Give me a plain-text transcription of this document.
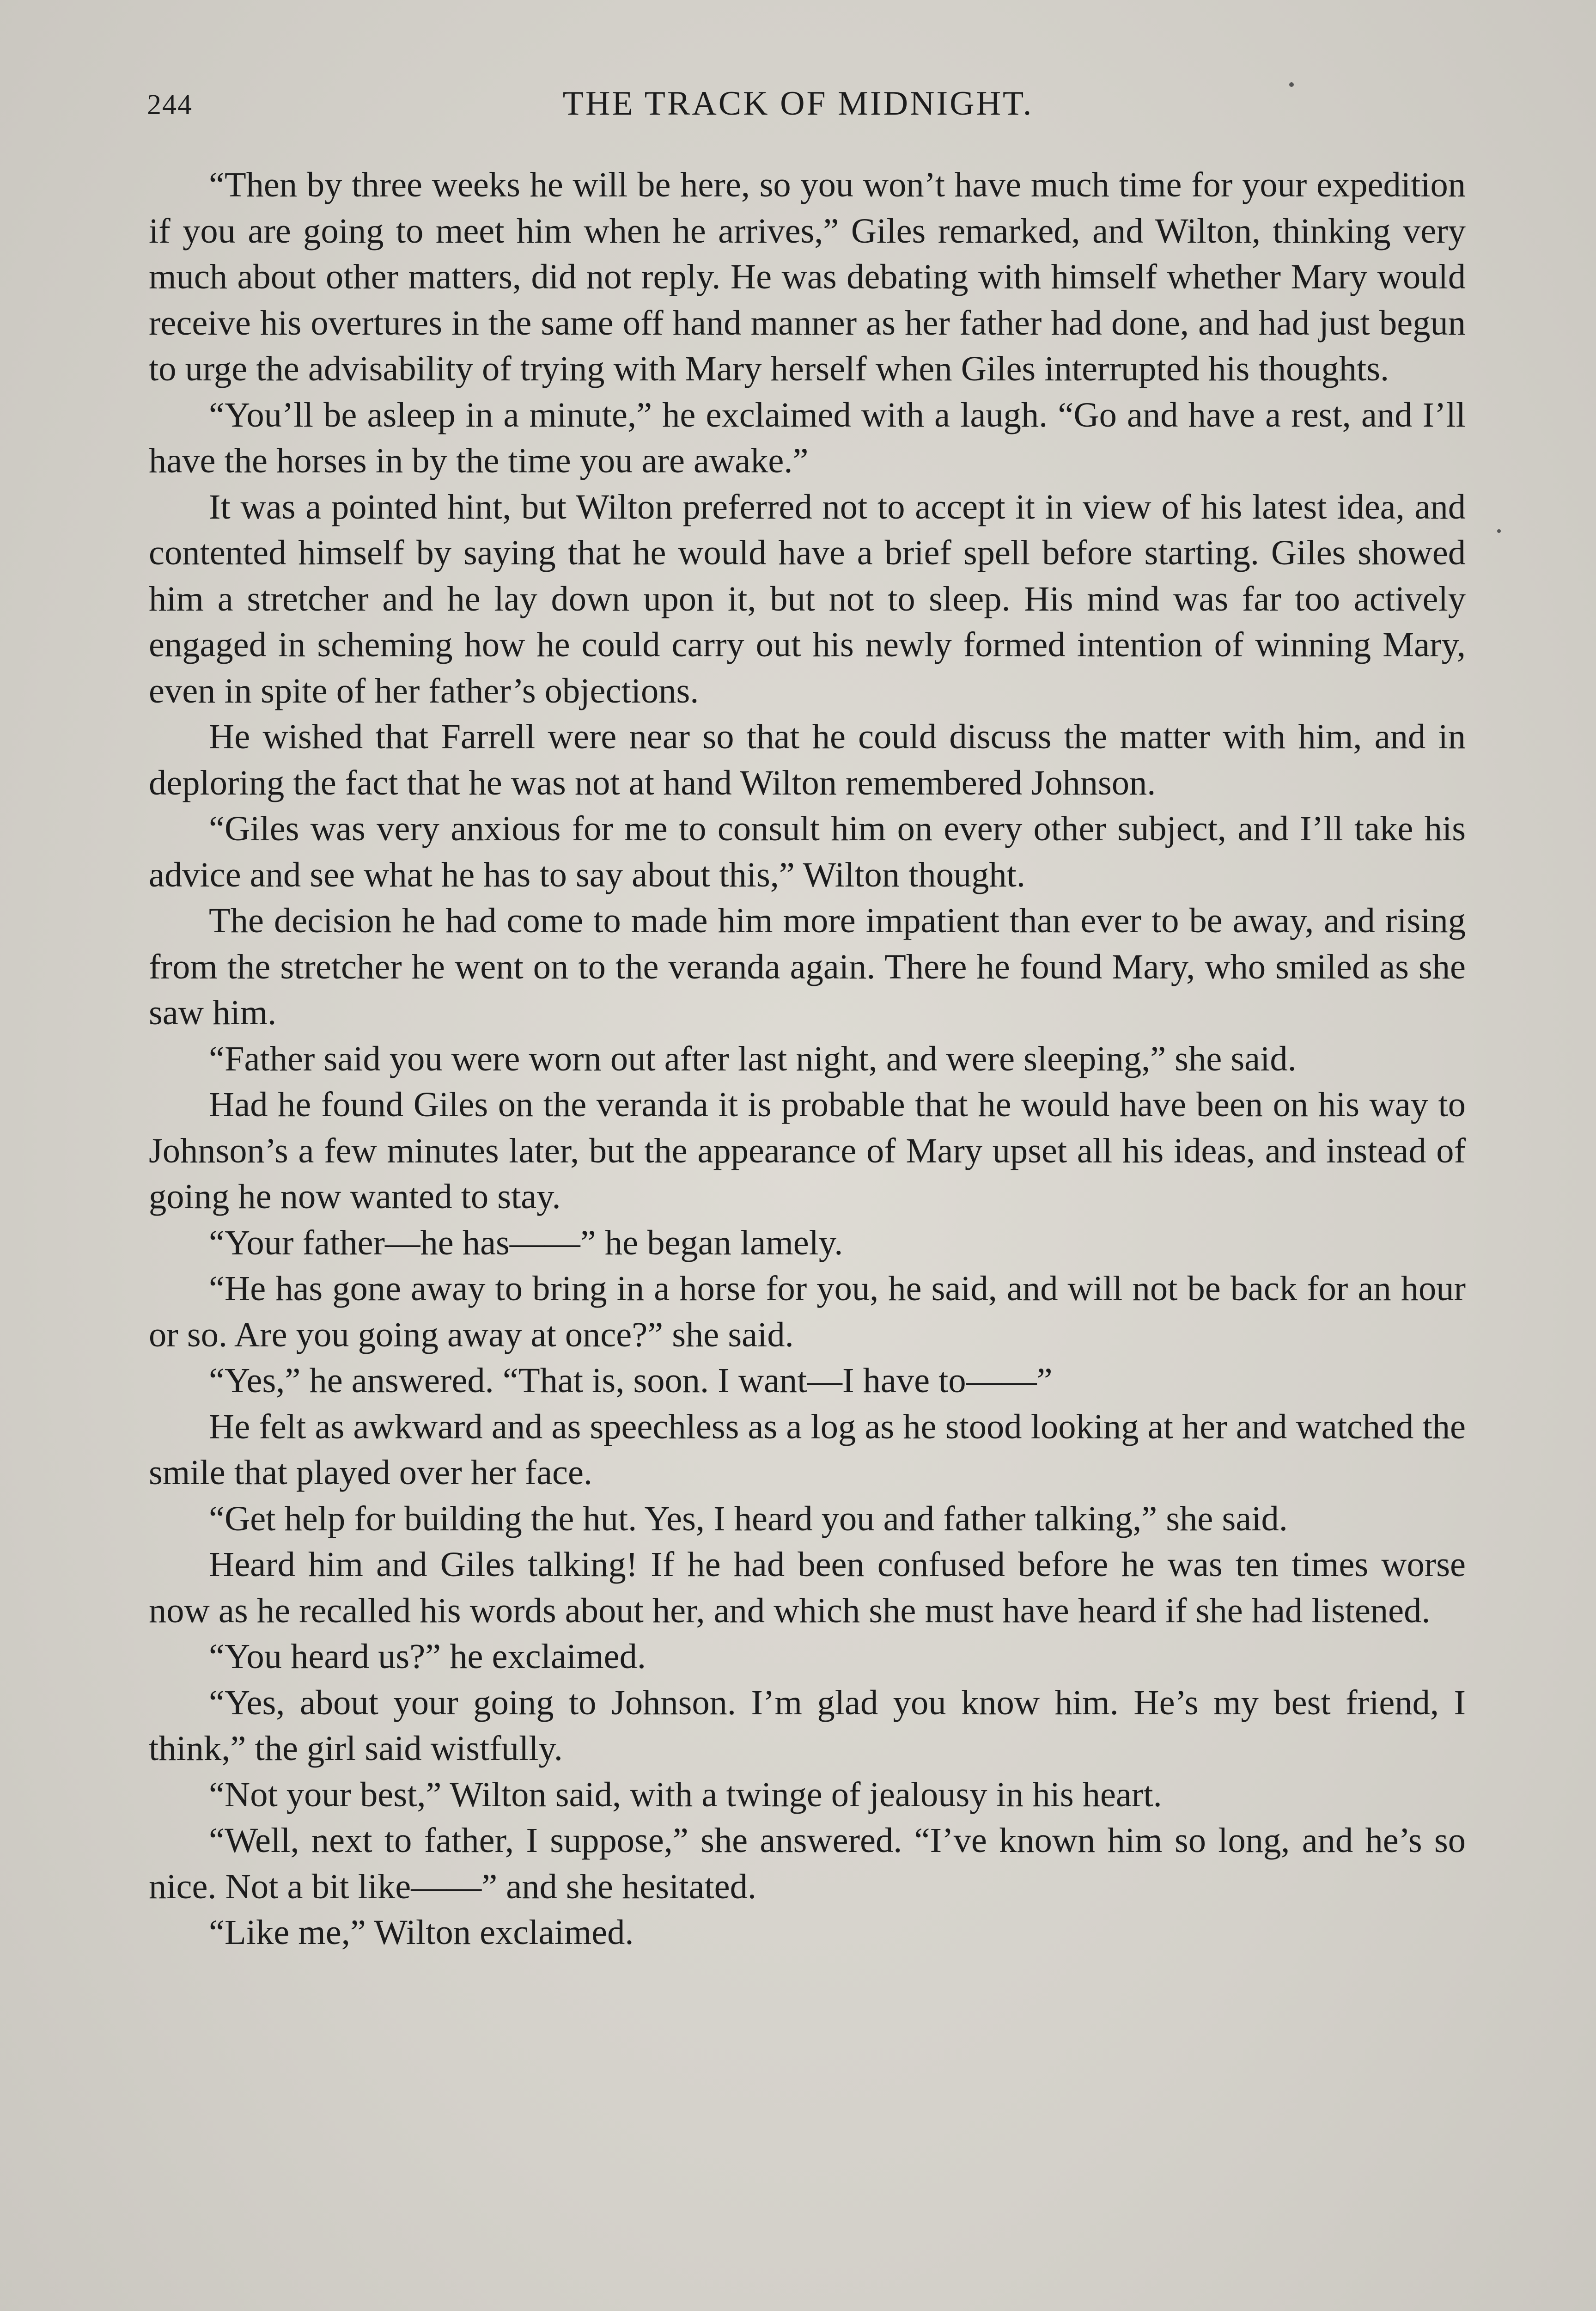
244	THE TRACK OF MIDNIGHT.

“Then by three weeks he will be here, so you won’t have much time for your expedition if you are going to meet him when he arrives,” Giles remarked, and Wilton, thinking very much about other matters, did not reply. He was debating with himself whether Mary would receive his overtures in the same off hand manner as her father had done, and had just begun to urge the advisability of trying with Mary herself when Giles interrupted his thoughts.

“You’ll be asleep in a minute,” he exclaimed with a laugh. “Go and have a rest, and I’ll have the horses in by the time you are awake.”

It was a pointed hint, but Wilton preferred not to accept it in view of his latest idea, and contented himself by saying that he would have a brief spell before starting. Giles showed him a stretcher and he lay down upon it, but not to sleep. His mind was far too actively engaged in scheming how he could carry out his newly formed intention of winning Mary, even in spite of her father’s objections.

He wished that Farrell were near so that he could discuss the matter with him, and in deploring the fact that he was not at hand Wilton remembered Johnson.

“Giles was very anxious for me to consult him on every other subject, and I’ll take his advice and see what he has to say about this,” Wilton thought.

The decision he had come to made him more impatient than ever to be away, and rising from the stretcher he went on to the veranda again. There he found Mary, who smiled as she saw him.

“Father said you were worn out after last night, and were sleeping,” she said.

Had he found Giles on the veranda it is probable that he would have been on his way to Johnson’s a few minutes later, but the appearance of Mary upset all his ideas, and instead of going he now wanted to stay.

“Your father—he has——” he began lamely.

“He has gone away to bring in a horse for you, he said, and will not be back for an hour or so. Are you going away at once?” she said.

“Yes,” he answered. “That is, soon. I want—I have to——”

He felt as awkward and as speechless as a log as he stood looking at her and watched the smile that played over her face.

“Get help for building the hut. Yes, I heard you and father talking,” she said.

Heard him and Giles talking! If he had been confused before he was ten times worse now as he recalled his words about her, and which she must have heard if she had listened.

“You heard us?” he exclaimed.

“Yes, about your going to Johnson. I’m glad you know him. He’s my best friend, I think,” the girl said wistfully.

“Not your best,” Wilton said, with a twinge of jealousy in his heart.

“Well, next to father, I suppose,” she answered. “I’ve known him so long, and he’s so nice. Not a bit like——” and she hesitated.

“Like me,” Wilton exclaimed.
